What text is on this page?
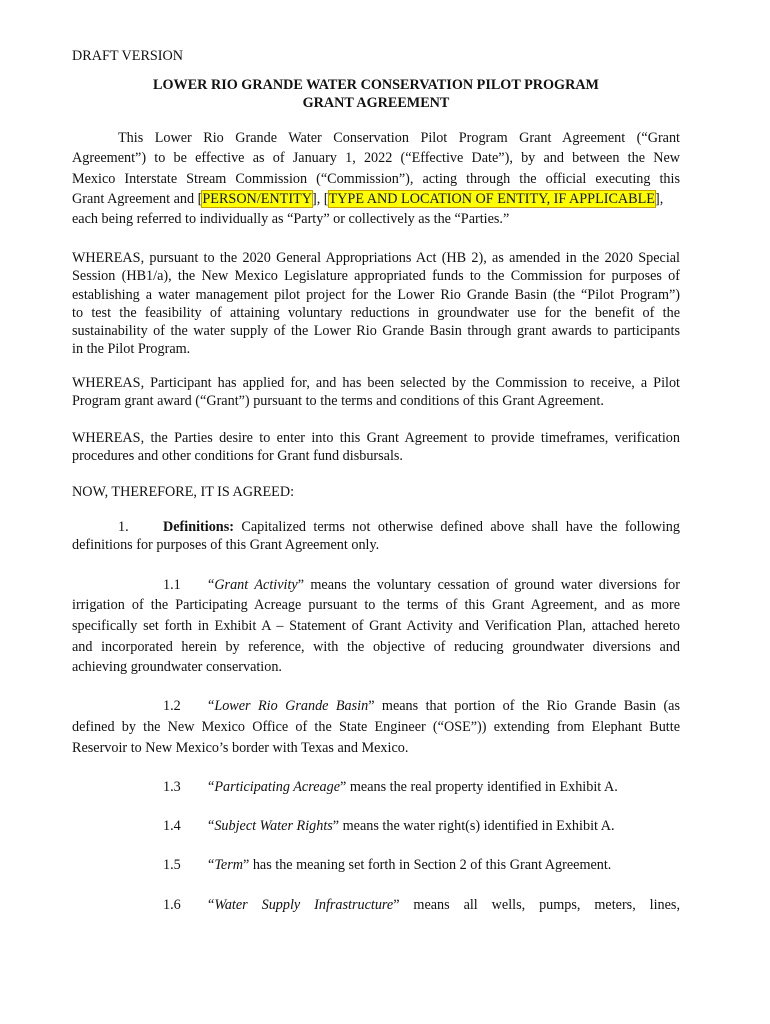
DRAFT VERSION
LOWER RIO GRANDE WATER CONSERVATION PILOT PROGRAM
GRANT AGREEMENT
This Lower Rio Grande Water Conservation Pilot Program Grant Agreement (“Grant
Agreement”) to be effective as of January 1, 2022 (“Effective Date”), by and between the New
Mexico Interstate Stream Commission (“Commission”), acting through the official executing this
Grant Agreement and [PERSON/ENTITY], [TYPE AND LOCATION OF ENTITY, IF APPLICABLE],
each being referred to individually as “Party” or collectively as the “Parties.”
WHEREAS, pursuant to the 2020 General Appropriations Act (HB 2), as amended in the 2020 Special
Session (HB1/a), the New Mexico Legislature appropriated funds to the Commission for purposes of
establishing a water management pilot project for the Lower Rio Grande Basin (the “Pilot Program”)
to test the feasibility of attaining voluntary reductions in groundwater use for the benefit of the
sustainability of the water supply of the Lower Rio Grande Basin through grant awards to participants
in the Pilot Program.
WHEREAS, Participant has applied for, and has been selected by the Commission to receive, a Pilot
Program grant award (“Grant”) pursuant to the terms and conditions of this Grant Agreement.
WHEREAS, the Parties desire to enter into this Grant Agreement to provide timeframes, verification
procedures and other conditions for Grant fund disbursals.
NOW, THEREFORE, IT IS AGREED:
1. Definitions: Capitalized terms not otherwise defined above shall have the following
definitions for purposes of this Grant Agreement only.
1.1 “Grant Activity” means the voluntary cessation of ground water diversions for
irrigation of the Participating Acreage pursuant to the terms of this Grant Agreement, and as more
specifically set forth in Exhibit A – Statement of Grant Activity and Verification Plan, attached hereto
and incorporated herein by reference, with the objective of reducing groundwater diversions and
achieving groundwater conservation.
1.2 “Lower Rio Grande Basin” means that portion of the Rio Grande Basin (as
defined by the New Mexico Office of the State Engineer (“OSE”)) extending from Elephant Butte
Reservoir to New Mexico’s border with Texas and Mexico.
1.3 “Participating Acreage” means the real property identified in Exhibit A.
1.4 “Subject Water Rights” means the water right(s) identified in Exhibit A.
1.5 “Term” has the meaning set forth in Section 2 of this Grant Agreement.
1.6 “Water Supply Infrastructure” means all wells, pumps, meters, lines,
